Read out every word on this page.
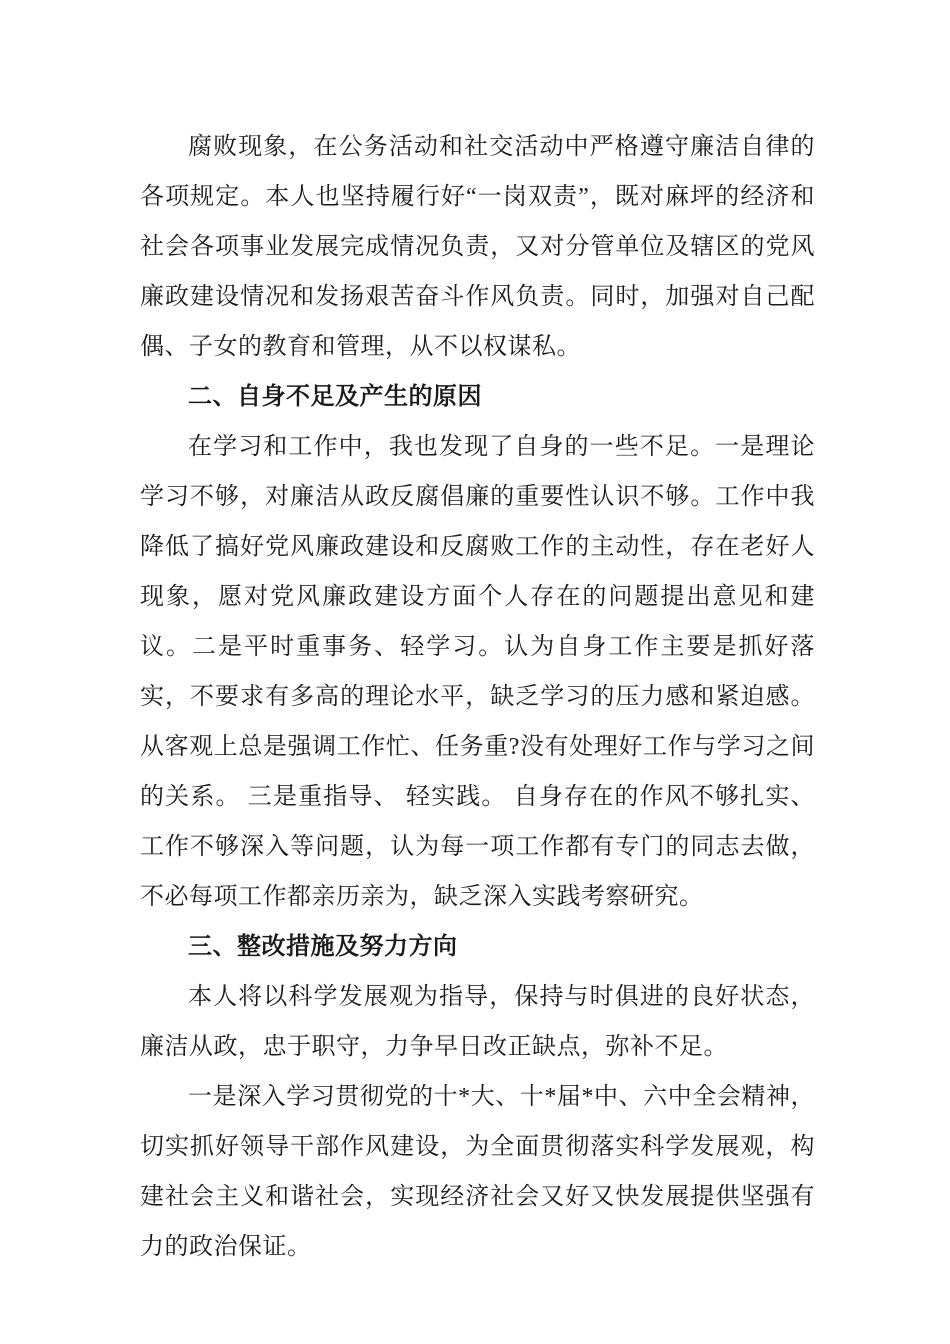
腐败现象，在公务活动和社交活动中严格遵守廉洁自律的各项规定。本人也坚持履行好“一岗双责”，既对麻坪的经济和社会各项事业发展完成情况负责，又对分管单位及辖区的党风廉政建设情况和发扬艰苦奋斗作风负责。同时，加强对自己配偶、子女的教育和管理，从不以权谋私。

二、自身不足及产生的原因

在学习和工作中，我也发现了自身的一些不足。一是理论学习不够，对廉洁从政反腐倡廉的重要性认识不够。工作中我降低了搞好党风廉政建设和反腐败工作的主动性，存在老好人现象，愿对党风廉政建设方面个人存在的问题提出意见和建议。二是平时重事务、轻学习。认为自身工作主要是抓好落实，不要求有多高的理论水平，缺乏学习的压力感和紧迫感。从客观上总是强调工作忙、任务重?没有处理好工作与学习之间的关系。 三是重指导、 轻实践。 自身存在的作风不够扎实、工作不够深入等问题，认为每一项工作都有专门的同志去做，不必每项工作都亲历亲为，缺乏深入实践考察研究。

三、整改措施及努力方向

本人将以科学发展观为指导，保持与时俱进的良好状态，廉洁从政，忠于职守，力争早日改正缺点，弥补不足。

一是深入学习贯彻党的十*大、十*届*中、六中全会精神，切实抓好领导干部作风建设，为全面贯彻落实科学发展观，构建社会主义和谐社会，实现经济社会又好又快发展提供坚强有力的政治保证。
